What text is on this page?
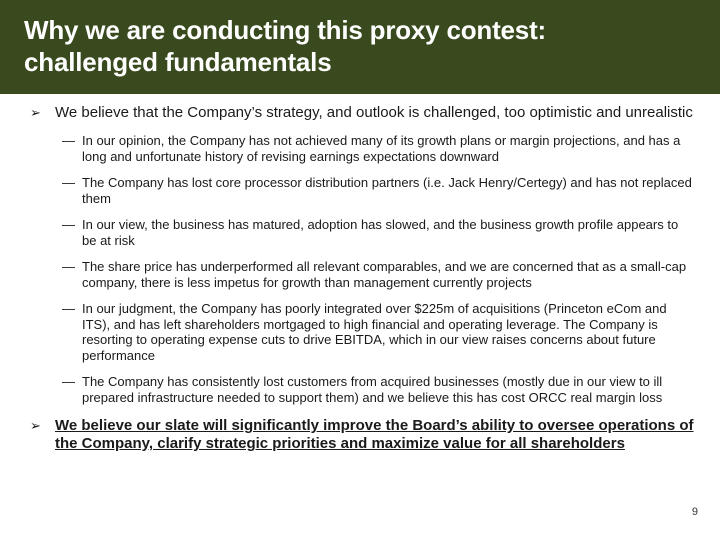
Why we are conducting this proxy contest:
challenged fundamentals
➢ We believe that the Company’s strategy, and outlook is challenged, too optimistic and unrealistic
— In our opinion, the Company has not achieved many of its growth plans or margin projections, and has a long and unfortunate history of revising earnings expectations downward
— The Company has lost core processor distribution partners (i.e. Jack Henry/Certegy) and has not replaced them
— In our view, the business has matured, adoption has slowed, and the business growth profile appears to be at risk
— The share price has underperformed all relevant comparables, and we are concerned that as a small-cap company, there is less impetus for growth than management currently projects
— In our judgment, the Company has poorly integrated over $225m of acquisitions (Princeton eCom and ITS), and has left shareholders mortgaged to high financial and operating leverage. The Company is resorting to operating expense cuts to drive EBITDA, which in our view raises concerns about future performance
— The Company has consistently lost customers from acquired businesses (mostly due in our view to ill prepared infrastructure needed to support them) and we believe this has cost ORCC real margin loss
➢ We believe our slate will significantly improve the Board’s ability to oversee operations of the Company, clarify strategic priorities and maximize value for all shareholders
9
